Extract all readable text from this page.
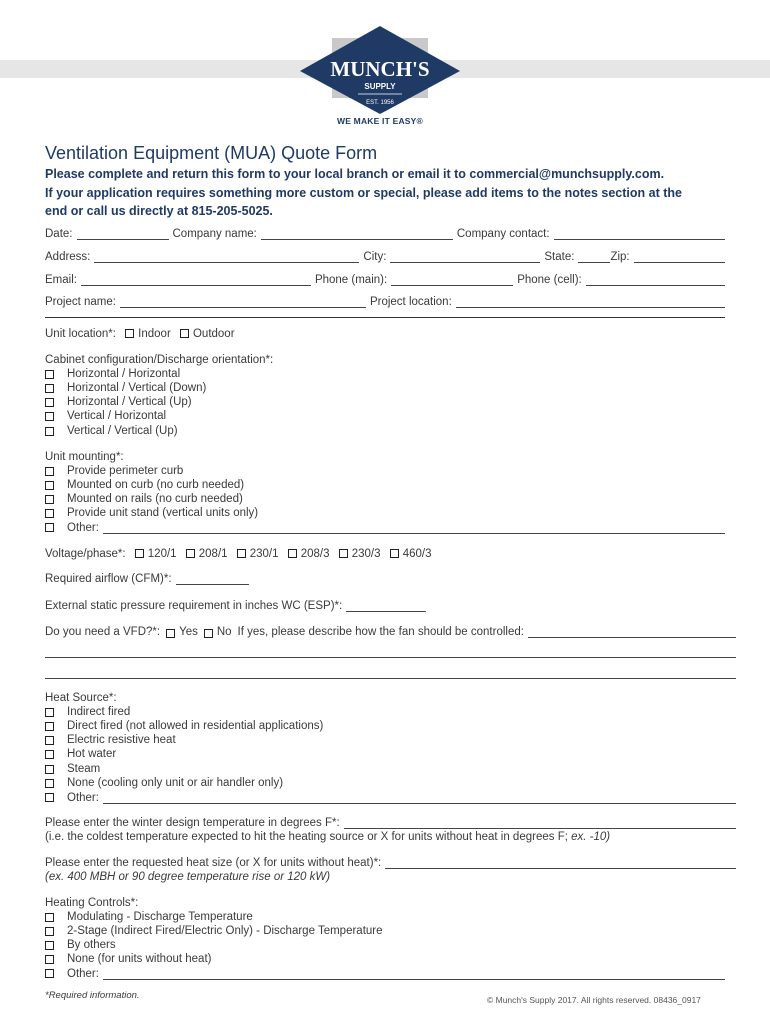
MUNCH'S
SUPPLY
EST. 1956
WE MAKE IT EASY®
Ventilation Equipment (MUA) Quote Form
Please complete and return this form to your local branch or email it to commercial@munchsupply.com.
If your application requires something more custom or special, please add items to the notes section at the
end or call us directly at 815-205-5025.
Date:	Company name:	Company contact:
Address:	City:	State:	Zip:
Email:	Phone (main):	Phone (cell):
Project name:	Project location:
Unit location*: Indoor Outdoor
Cabinet configuration/Discharge orientation*:
Horizontal / Horizontal
Horizontal / Vertical (Down)
Horizontal / Vertical (Up)
Vertical / Horizontal
Vertical / Vertical (Up)
Unit mounting*:
Provide perimeter curb
Mounted on curb (no curb needed)
Mounted on rails (no curb needed)
Provide unit stand (vertical units only)
Other:
Voltage/phase*: 120/1 208/1 230/1 208/3 230/3 460/3
Required airflow (CFM)*:
External static pressure requirement in inches WC (ESP)*:
Do you need a VFD?*: Yes No If yes, please describe how the fan should be controlled:
Heat Source*:
Indirect fired
Direct fired (not allowed in residential applications)
Electric resistive heat
Hot water
Steam
None (cooling only unit or air handler only)
Other:
Please enter the winter design temperature in degrees F*:
(i.e. the coldest temperature expected to hit the heating source or X for units without heat in degrees F; ex. -10)
Please enter the requested heat size (or X for units without heat)*:
(ex. 400 MBH or 90 degree temperature rise or 120 kW)
Heating Controls*:
Modulating - Discharge Temperature
2-Stage (Indirect Fired/Electric Only) - Discharge Temperature
By others
None (for units without heat)
Other:
*Required information.	© Munch's Supply 2017. All rights reserved. 08436_0917
